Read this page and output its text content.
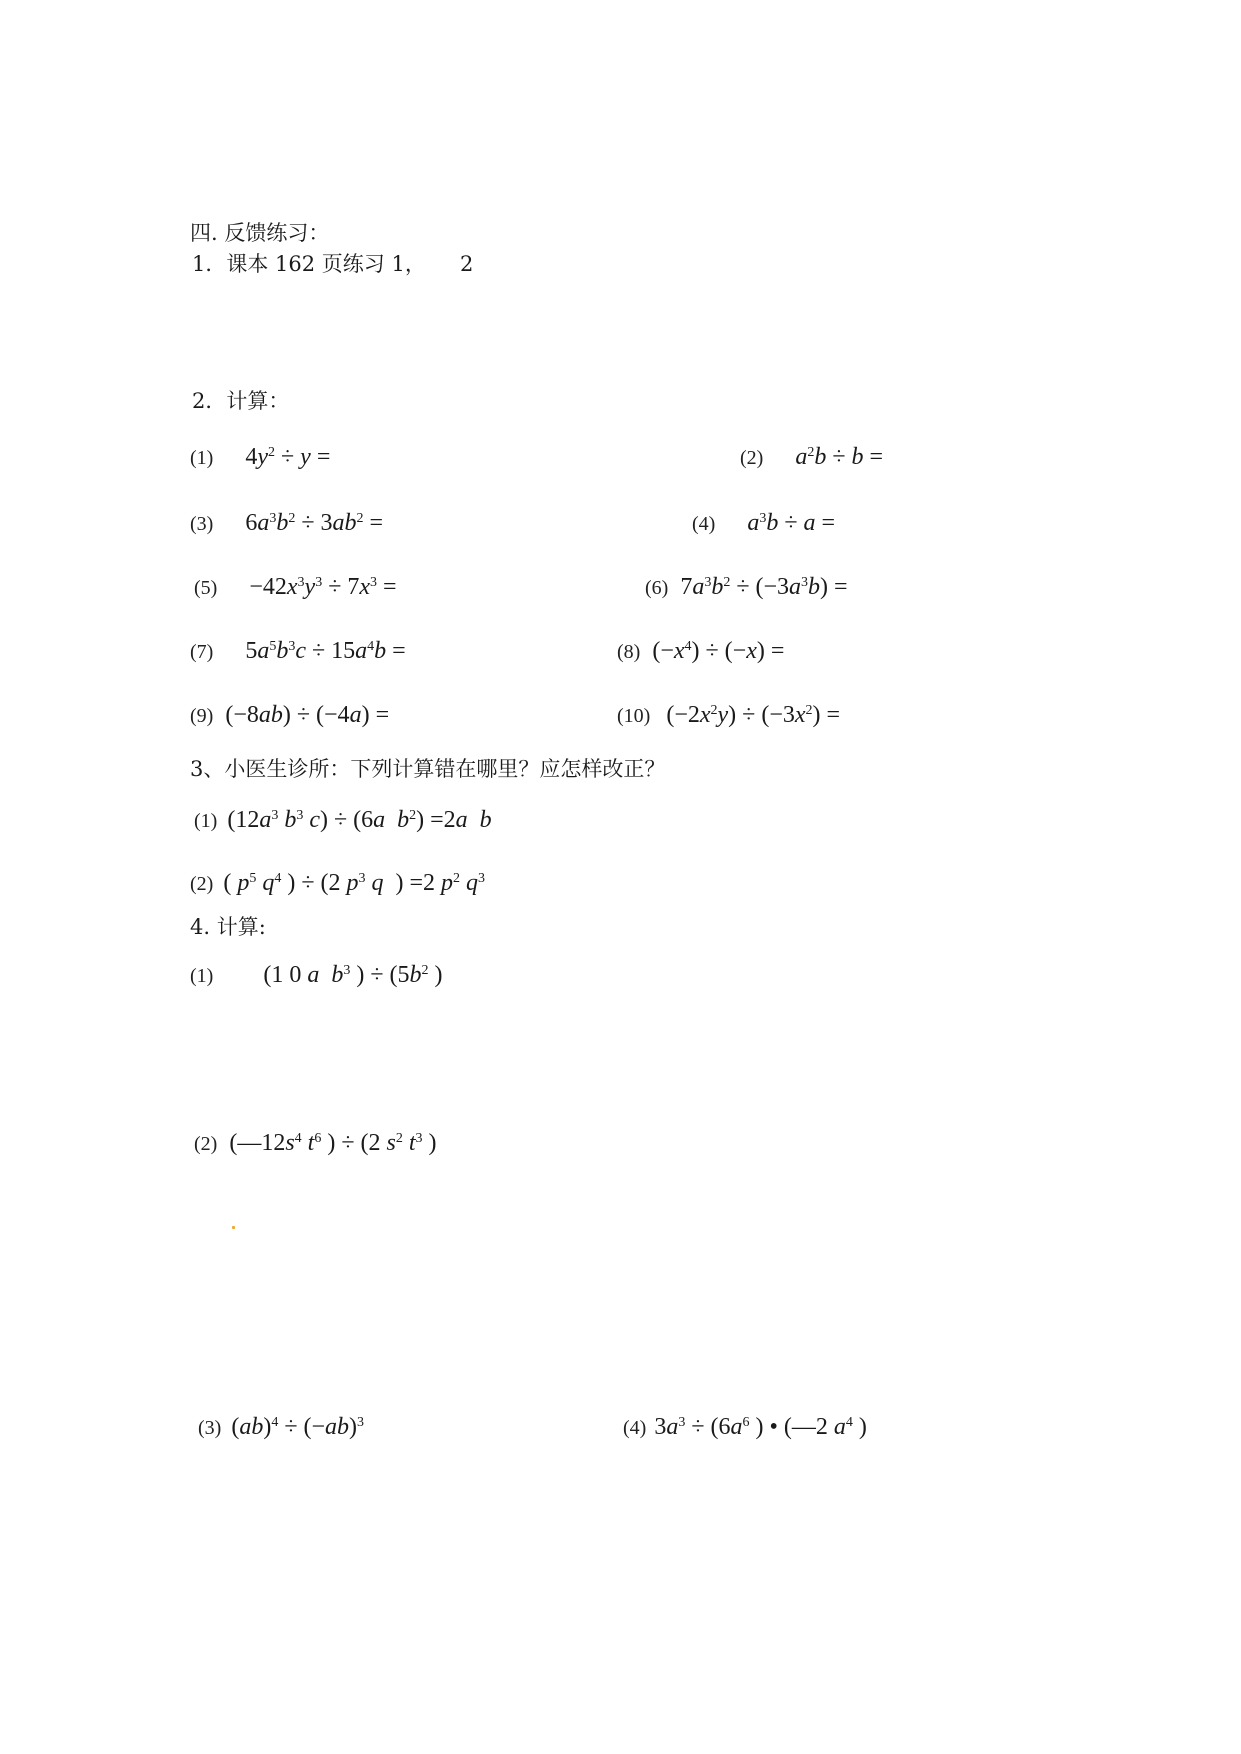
四. 反馈练习：
1．课本 162 页练习 1， 2
2．计算：
(1) $4y^2 \div y$ =	(2) $a^2b \div b$ =
(3) $6a^3b^2 \div 3ab^2$ =	(4) $a^3b \div a$ =
$(5) -42x^3y^3 \div 7x^3$ =	(6) $7a^3b^2 \div (-3a^3b)$ =
(7) $5a^5b^3c \div 15a^4b$ =	(8) $(-x^4) \div (-x)$ =
(9) (−8ab) ÷ (−4a) =	(10) $(-2x^2y) \div (-3x^2)$ =
3、小医生诊所：下列计算错在哪里？应怎样改正？
(1) ($12a^3$ $b^3$ c) ÷ (6a $b^2) =2a$ b
(2) ( $p^5$ $q^4$ ) ÷ (2 $p^3$ q  ) =2 $p^2$ $q^3$
4. 计算:
(1) (1 0 a $b^3$ ) ÷ ($5b^2$ )
(2) ($—12s^4$ $t^6$ ) ÷ (2 $s^2$ $t^3$ )
(3) $(ab)^4 \div (-ab)^3$	(4) $3a^3 \div (6a^6$ ) • (—2 $a^4$ )
